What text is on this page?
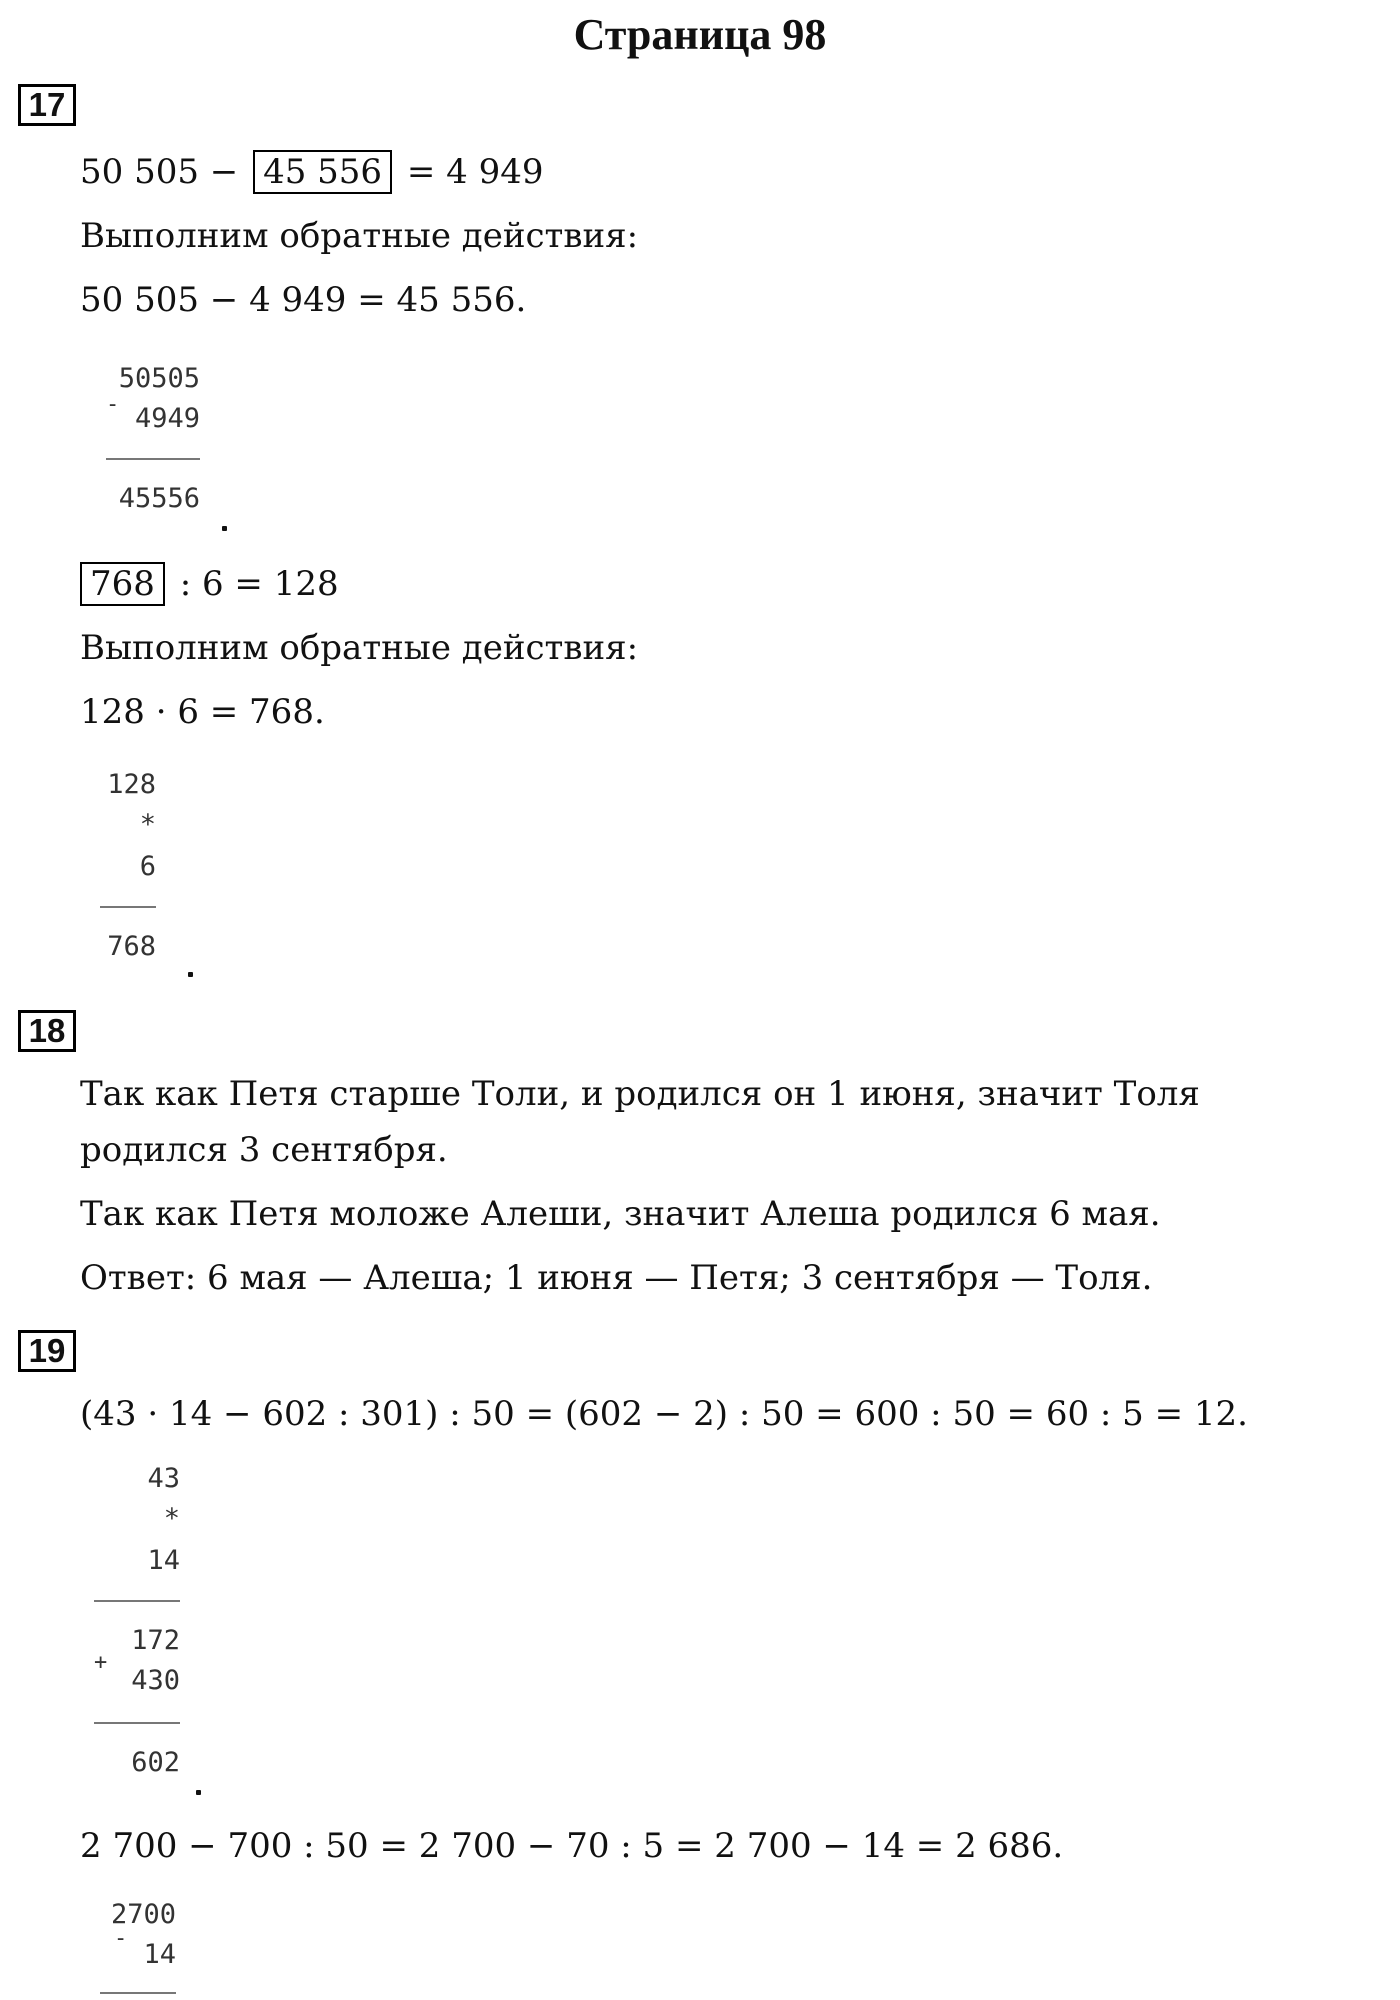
Страница 98
17
50 505 − 45 556 = 4 949
Выполним обратные действия:
50 505 − 4 949 = 45 556.
50505
- 4949
45556
768 : 6 = 128
Выполним обратные действия:
128 · 6 = 768.
128
*
6
768
18
Так как Петя старше Толи, и родился он 1 июня, значит Толя
родился 3 сентября.
Так как Петя моложе Алеши, значит Алеша родился 6 мая.
Ответ: 6 мая — Алеша; 1 июня — Петя; 3 сентября — Толя.
19
(43 · 14 − 602 : 301) : 50 = (602 − 2) : 50 = 600 : 50 = 60 : 5 = 12.
43
*
14
172
+
430
602
2 700 − 700 : 50 = 2 700 − 70 : 5 = 2 700 − 14 = 2 686.
2700
-
14
